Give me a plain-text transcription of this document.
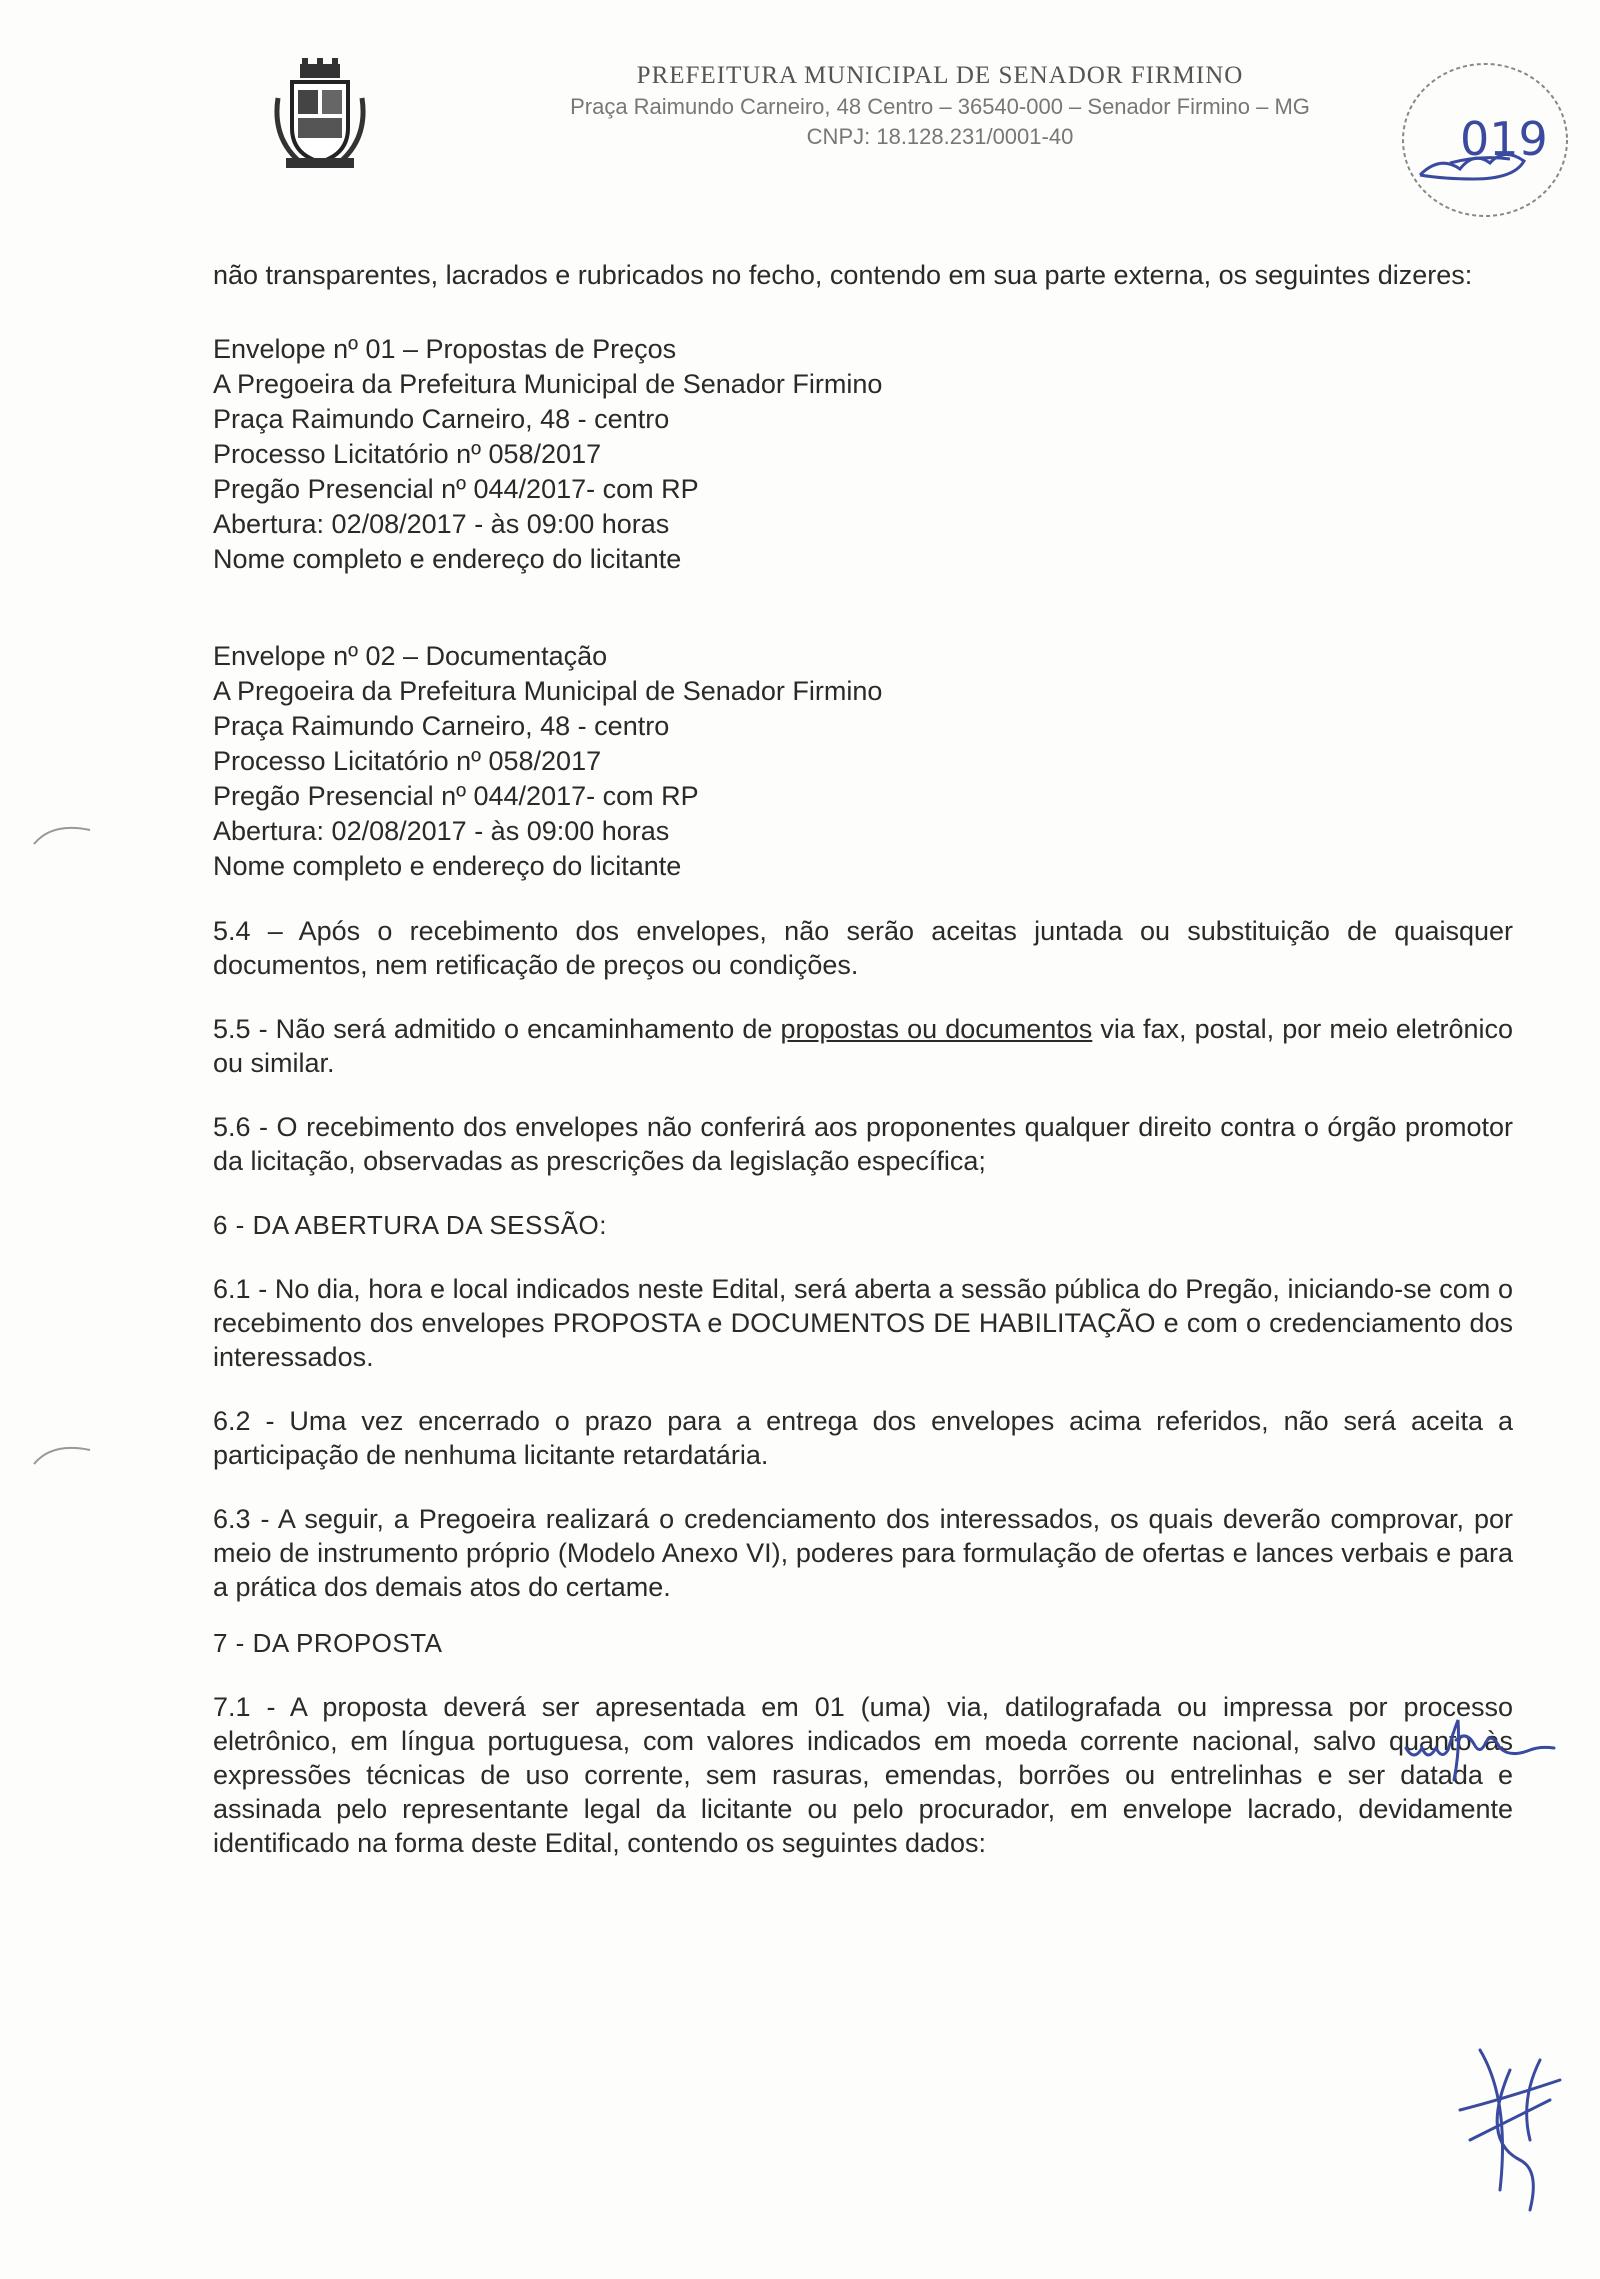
PREFEITURA MUNICIPAL DE SENADOR FIRMINO

Praça Raimundo Carneiro, 48 Centro – 36540-000 – Senador Firmino – MG
CNPJ: 18.128.231/0001-40	019

não transparentes, lacrados e rubricados no fecho, contendo em sua parte externa, os seguintes dizeres:

Envelope nº 01 – Propostas de Preços
A Pregoeira da Prefeitura Municipal de Senador Firmino
Praça Raimundo Carneiro, 48 - centro
Processo Licitatório nº 058/2017
Pregão Presencial nº 044/2017- com RP
Abertura: 02/08/2017 - às 09:00 horas
Nome completo e endereço do licitante
Envelope nº 02 – Documentação
A Pregoeira da Prefeitura Municipal de Senador Firmino
Praça Raimundo Carneiro, 48 - centro
Processo Licitatório nº 058/2017
Pregão Presencial nº 044/2017- com RP
Abertura: 02/08/2017 - às 09:00 horas
Nome completo e endereço do licitante

5.4 – Após o recebimento dos envelopes, não serão aceitas juntada ou substituição de quaisquer documentos, nem retificação de preços ou condições.

5.5 - Não será admitido o encaminhamento de propostas ou documentos via fax, postal, por meio eletrônico ou similar.

5.6 - O recebimento dos envelopes não conferirá aos proponentes qualquer direito contra o órgão promotor da licitação, observadas as prescrições da legislação específica;

6 - DA ABERTURA DA SESSÃO:

6.1 - No dia, hora e local indicados neste Edital, será aberta a sessão pública do Pregão, iniciando-se com o recebimento dos envelopes PROPOSTA e DOCUMENTOS DE HABILITAÇÃO e com o credenciamento dos interessados.

6.2 - Uma vez encerrado o prazo para a entrega dos envelopes acima referidos, não será aceita a participação de nenhuma licitante retardatária.

6.3 - A seguir, a Pregoeira realizará o credenciamento dos interessados, os quais deverão comprovar, por meio de instrumento próprio (Modelo Anexo VI), poderes para formulação de ofertas e lances verbais e para a prática dos demais atos do certame.

7 - DA PROPOSTA

7.1 - A proposta deverá ser apresentada em 01 (uma) via, datilografada ou impressa por processo eletrônico, em língua portuguesa, com valores indicados em moeda corrente nacional, salvo quanto às expressões técnicas de uso corrente, sem rasuras, emendas, borrões ou entrelinhas e ser datada e assinada pelo representante legal da licitante ou pelo procurador, em envelope lacrado, devidamente identificado na forma deste Edital, contendo os seguintes dados:
